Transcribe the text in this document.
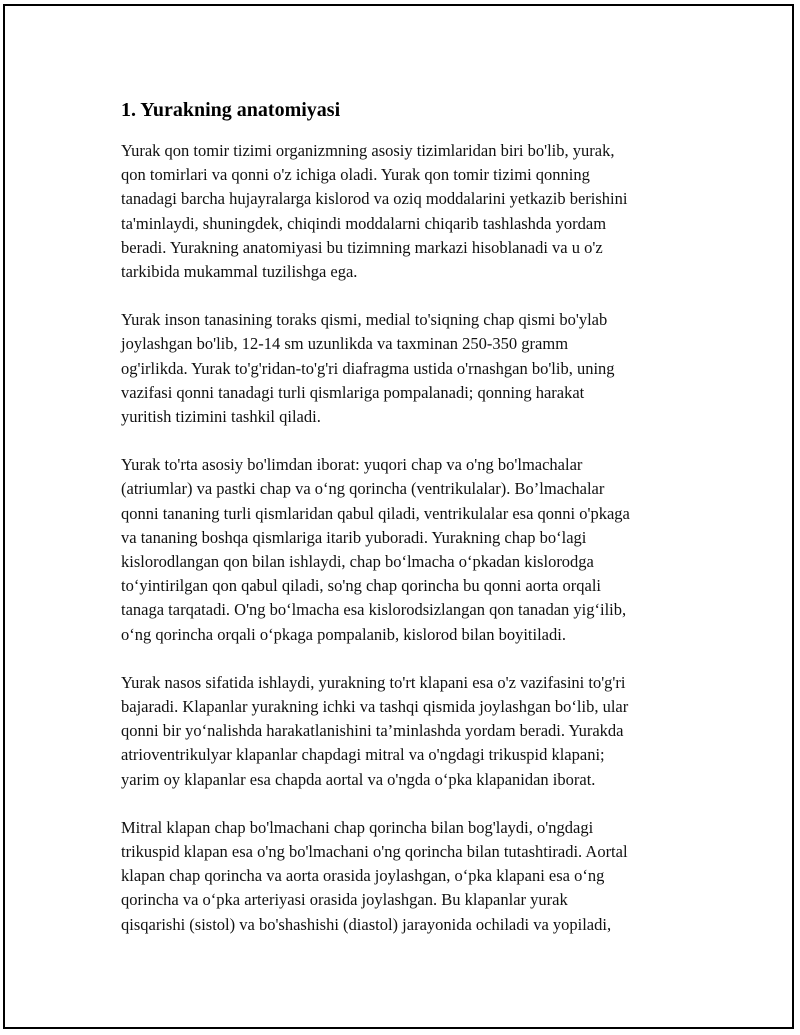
1. Yurakning anatomiyasi

Yurak qon tomir tizimi organizmning asosiy tizimlaridan biri bo'lib, yurak,
qon tomirlari va qonni o'z ichiga oladi. Yurak qon tomir tizimi qonning
tanadagi barcha hujayralarga kislorod va oziq moddalarini yetkazib berishini
ta'minlaydi, shuningdek, chiqindi moddalarni chiqarib tashlashda yordam
beradi. Yurakning anatomiyasi bu tizimning markazi hisoblanadi va u o'z
tarkibida mukammal tuzilishga ega.

Yurak inson tanasining toraks qismi, medial to'siqning chap qismi bo'ylab
joylashgan bo'lib, 12-14 sm uzunlikda va taxminan 250-350 gramm
og'irlikda. Yurak to'g'ridan-to'g'ri diafragma ustida o'rnashgan bo'lib, uning
vazifasi qonni tanadagi turli qismlariga pompalanadi; qonning harakat
yuritish tizimini tashkil qiladi.

Yurak to'rta asosiy bo'limdan iborat: yuqori chap va o'ng bo'lmachalar
(atriumlar) va pastki chap va o‘ng qorincha (ventrikulalar). Bo’lmachalar
qonni tananing turli qismlaridan qabul qiladi, ventrikulalar esa qonni o'pkaga
va tananing boshqa qismlariga itarib yuboradi. Yurakning chap bo‘lagi
kislorodlangan qon bilan ishlaydi, chap bo‘lmacha o‘pkadan kislorodga
to‘yintirilgan qon qabul qiladi, so'ng chap qorincha bu qonni aorta orqali
tanaga tarqatadi. O'ng bo‘lmacha esa kislorodsizlangan qon tanadan yig‘ilib,
o‘ng qorincha orqali o‘pkaga pompalanib, kislorod bilan boyitiladi.

Yurak nasos sifatida ishlaydi, yurakning to'rt klapani esa o'z vazifasini to'g'ri
bajaradi. Klapanlar yurakning ichki va tashqi qismida joylashgan bo‘lib, ular
qonni bir yo‘nalishda harakatlanishini ta’minlashda yordam beradi. Yurakda
atrioventrikulyar klapanlar chapdagi mitral va o'ngdagi trikuspid klapani;
yarim oy klapanlar esa chapda aortal va o'ngda o‘pka klapanidan iborat.

Mitral klapan chap bo'lmachani chap qorincha bilan bog'laydi, o'ngdagi
trikuspid klapan esa o'ng bo'lmachani o'ng qorincha bilan tutashtiradi. Aortal
klapan chap qorincha va aorta orasida joylashgan, o‘pka klapani esa o‘ng
qorincha va o‘pka arteriyasi orasida joylashgan. Bu klapanlar yurak
qisqarishi (sistol) va bo'shashishi (diastol) jarayonida ochiladi va yopiladi,
